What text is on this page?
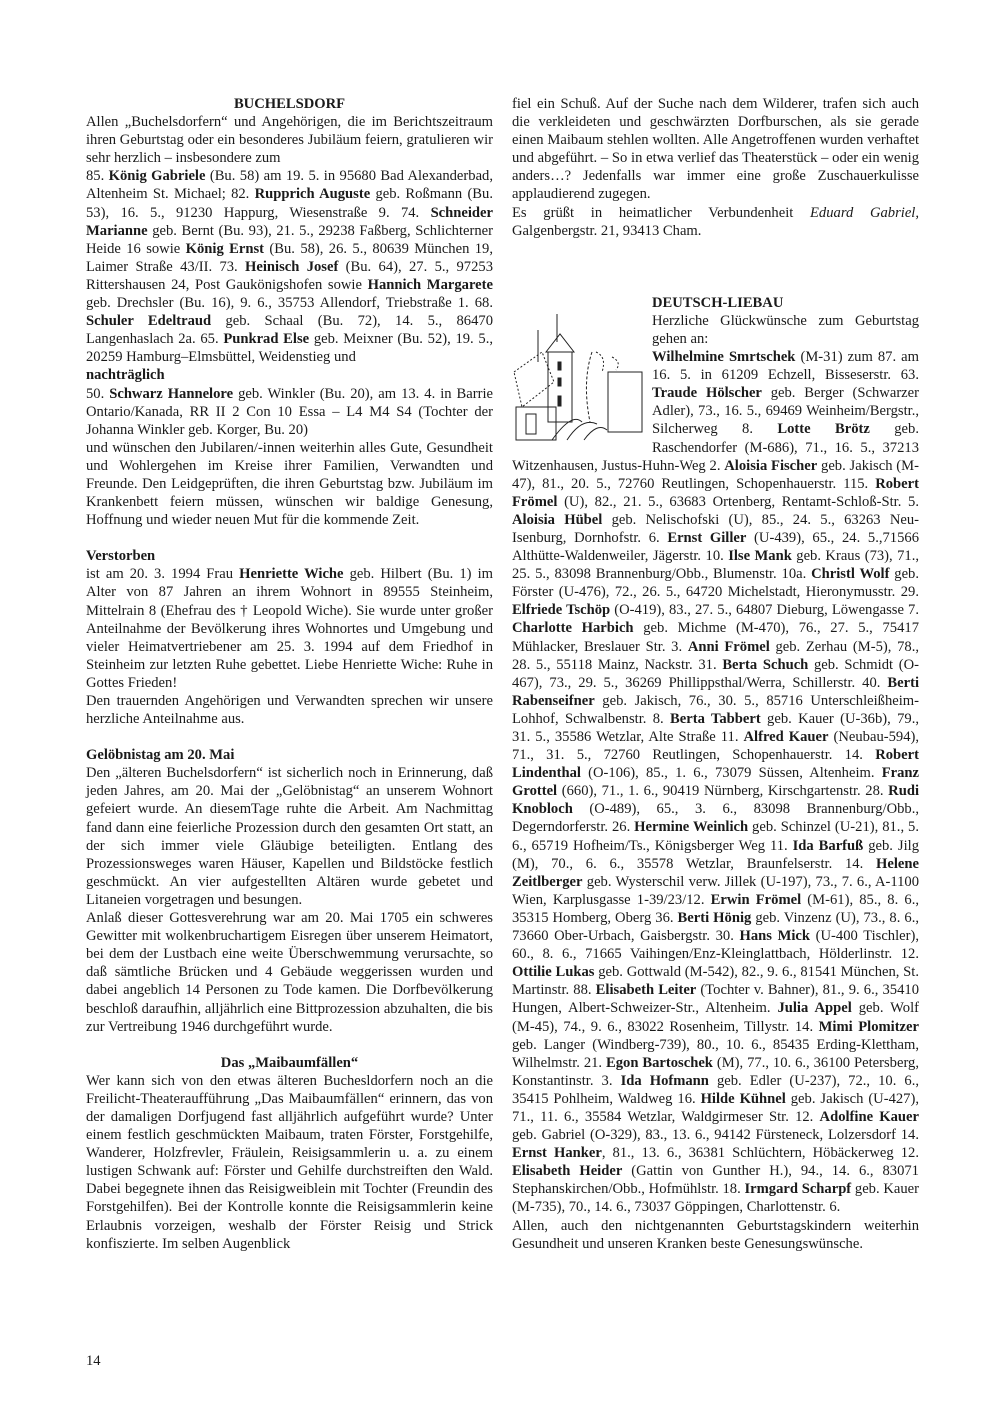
BUCHELSDORF

Allen „Buchelsdorfern“ und Angehörigen, die im Berichtszeitraum ihren Geburtstag oder ein besonderes Jubiläum feiern, gratulieren wir sehr herzlich – insbesondere zum

85. König Gabriele (Bu. 58) am 19. 5. in 95680 Bad Alexanderbad, Altenheim St. Michael; 82. Rupprich Auguste geb. Roßmann (Bu. 53), 16. 5., 91230 Happurg, Wiesenstraße 9. 74. Schneider Marianne geb. Bernt (Bu. 93), 21. 5., 29238 Faßberg, Schlichterner Heide 16 sowie König Ernst (Bu. 58), 26. 5., 80639 München 19, Laimer Straße 43/II. 73. Heinisch Josef (Bu. 64), 27. 5., 97253 Rittershausen 24, Post Gaukönigshofen sowie Hannich Margarete geb. Drechsler (Bu. 16), 9. 6., 35753 Allendorf, Triebstraße 1. 68. Schuler Edeltraud geb. Schaal (Bu. 72), 14. 5., 86470 Langenhaslach 2a. 65. Punkrad Else geb. Meixner (Bu. 52), 19. 5., 20259 Hamburg–Elmsbüttel, Weidenstieg und

nachträglich

50. Schwarz Hannelore geb. Winkler (Bu. 20), am 13. 4. in Barrie Ontario/Kanada, RR II 2 Con 10 Essa – L4 M4 S4 (Tochter der Johanna Winkler geb. Korger, Bu. 20)

und wünschen den Jubilaren/-innen weiterhin alles Gute, Gesundheit und Wohlergehen im Kreise ihrer Familien, Verwandten und Freunde. Den Leidgeprüften, die ihren Geburtstag bzw. Jubiläum im Krankenbett feiern müssen, wünschen wir baldige Genesung, Hoffnung und wieder neuen Mut für die kommende Zeit.

Verstorben

ist am 20. 3. 1994 Frau Henriette Wiche geb. Hilbert (Bu. 1) im Alter von 87 Jahren an ihrem Wohnort in 89555 Steinheim, Mittelrain 8 (Ehefrau des † Leopold Wiche). Sie wurde unter großer Anteilnahme der Bevölkerung ihres Wohnortes und Umgebung und vieler Heimatvertriebener am 25. 3. 1994 auf dem Friedhof in Steinheim zur letzten Ruhe gebettet. Liebe Henriette Wiche: Ruhe in Gottes Frieden!

Den trauernden Angehörigen und Verwandten sprechen wir unsere herzliche Anteilnahme aus.

Gelöbnistag am 20. Mai

Den „älteren Buchelsdorfern“ ist sicherlich noch in Erinnerung, daß jeden Jahres, am 20. Mai der „Gelöbnistag“ an unserem Wohnort gefeiert wurde. An diesemTage ruhte die Arbeit. Am Nachmittag fand dann eine feierliche Prozession durch den gesamten Ort statt, an der sich immer viele Gläubige beteiligten. Entlang des Prozessionsweges waren Häuser, Kapellen und Bildstöcke festlich geschmückt. An vier aufgestellten Altären wurde gebetet und Litaneien vorgetragen und besungen.

Anlaß dieser Gottesverehrung war am 20. Mai 1705 ein schweres Gewitter mit wolkenbruchartigem Eisregen über unserem Heimatort, bei dem der Lustbach eine weite Überschwemmung verursachte, so daß sämtliche Brücken und 4 Gebäude weggerissen wurden und dabei angeblich 14 Personen zu Tode kamen. Die Dorfbevölkerung beschloß daraufhin, alljährlich eine Bittprozession abzuhalten, die bis zur Vertreibung 1946 durchgeführt wurde.

Das „Maibaumfällen“

Wer kann sich von den etwas älteren Buchesldorfern noch an die Freilicht-Theateraufführung „Das Maibaumfällen“ erinnern, das von der damaligen Dorfjugend fast alljährlich aufgeführt wurde? Unter einem festlich geschmückten Maibaum, traten Förster, Forstgehilfe, Wanderer, Holzfrevler, Fräulein, Reisigsammlerin u. a. zu einem lustigen Schwank auf: Förster und Gehilfe durchstreiften den Wald. Dabei begegnete ihnen das Reisigweiblein mit Tochter (Freundin des Forstgehilfen). Bei der Kontrolle konnte die Reisigsammlerin keine Erlaubnis vorzeigen, weshalb der Förster Reisig und Strick konfiszierte. Im selben Augenblick

fiel ein Schuß. Auf der Suche nach dem Wilderer, trafen sich auch die verkleideten und geschwärzten Dorfburschen, als sie gerade einen Maibaum stehlen wollten. Alle Angetroffenen wurden verhaftet und abgeführt. – So in etwa verlief das Theaterstück – oder ein wenig anders…? Jedenfalls war immer eine große Zuschauerkulisse applaudierend zugegen.

Es grüßt in heimatlicher Verbundenheit Eduard Gabriel, Galgenbergstr. 21, 93413 Cham.

DEUTSCH-LIEBAU

Herzliche Glückwünsche zum Geburtstag gehen an:

Wilhelmine Smrtschek (M-31) zum 87. am 16. 5. in 61209 Echzell, Bisseserstr. 63. Traude Hölscher geb. Berger (Schwarzer Adler), 73., 16. 5., 69469 Weinheim/Bergstr., Silcherweg 8. Lotte Brötz geb. Raschendorfer (M-686), 71., 16. 5., 37213 Witzenhausen, Justus-Huhn-Weg 2. Aloisia Fischer geb. Jakisch (M-47), 81., 20. 5., 72760 Reutlingen, Schopenhauerstr. 115. Robert Frömel (U), 82., 21. 5., 63683 Ortenberg, Rentamt-Schloß-Str. 5. Aloisia Hübel geb. Nelischofski (U), 85., 24. 5., 63263 Neu-Isenburg, Dornhofstr. 6. Ernst Giller (U-439), 65., 24. 5.,71566 Althütte-Waldenweiler, Jägerstr. 10. Ilse Mank geb. Kraus (73), 71., 25. 5., 83098 Brannenburg/Obb., Blumenstr. 10a. Christl Wolf geb. Förster (U-476), 72., 26. 5., 64720 Michelstadt, Hieronymusstr. 29. Elfriede Tschöp (O-419), 83., 27. 5., 64807 Dieburg, Löwengasse 7. Charlotte Harbich geb. Michme (M-470), 76., 27. 5., 75417 Mühlacker, Breslauer Str. 3. Anni Frömel geb. Zerhau (M-5), 78., 28. 5., 55118 Mainz, Nackstr. 31. Berta Schuch geb. Schmidt (O-467), 73., 29. 5., 36269 Phillippsthal/Werra, Schillerstr. 40. Berti Rabenseifner geb. Jakisch, 76., 30. 5., 85716 Unterschleißheim-Lohhof, Schwalbenstr. 8. Berta Tabbert geb. Kauer (U-36b), 79., 31. 5., 35586 Wetzlar, Alte Straße 11. Alfred Kauer (Neubau-594), 71., 31. 5., 72760 Reutlingen, Schopenhauerstr. 14. Robert Lindenthal (O-106), 85., 1. 6., 73079 Süssen, Altenheim. Franz Grottel (660), 71., 1. 6., 90419 Nürnberg, Kirschgartenstr. 28. Rudi Knobloch (O-489), 65., 3. 6., 83098 Brannenburg/Obb., Degerndorferstr. 26. Hermine Weinlich geb. Schinzel (U-21), 81., 5. 6., 65719 Hofheim/Ts., Königsberger Weg 11. Ida Barfuß geb. Jilg (M), 70., 6. 6., 35578 Wetzlar, Braunfelserstr. 14. Helene Zeitlberger geb. Wysterschil verw. Jillek (U-197), 73., 7. 6., A-1100 Wien, Karplusgasse 1-39/23/12. Erwin Frömel (M-61), 85., 8. 6., 35315 Homberg, Oberg 36. Berti Hönig geb. Vinzenz (U), 73., 8. 6., 73660 Ober-Urbach, Gaisbergstr. 30. Hans Mick (U-400 Tischler), 60., 8. 6., 71665 Vaihingen/Enz-Kleinglattbach, Hölderlinstr. 12. Ottilie Lukas geb. Gottwald (M-542), 82., 9. 6., 81541 München, St. Martinstr. 88. Elisabeth Leiter (Tochter v. Bahner), 81., 9. 6., 35410 Hungen, Albert-Schweizer-Str., Altenheim. Julia Appel geb. Wolf (M-45), 74., 9. 6., 83022 Rosenheim, Tillystr. 14. Mimi Plomitzer geb. Langer (Windberg-739), 80., 10. 6., 85435 Erding-Klettham, Wilhelmstr. 21. Egon Bartoschek (M), 77., 10. 6., 36100 Petersberg, Konstantinstr. 3. Ida Hofmann geb. Edler (U-237), 72., 10. 6., 35415 Pohlheim, Waldweg 16. Hilde Kühnel geb. Jakisch (U-427), 71., 11. 6., 35584 Wetzlar, Waldgirmeser Str. 12. Adolfine Kauer geb. Gabriel (O-329), 83., 13. 6., 94142 Fürsteneck, Lolzersdorf 14. Ernst Hanker, 81., 13. 6., 36381 Schlüchtern, Höbäckerweg 12. Elisabeth Heider (Gattin von Gunther H.), 94., 14. 6., 83071 Stephanskirchen/Obb., Hofmühlstr. 18. Irmgard Scharpf geb. Kauer (M-735), 70., 14. 6., 73037 Göppingen, Charlottenstr. 6.

Allen, auch den nichtgenannten Geburtstagskindern weiterhin Gesundheit und unseren Kranken beste Genesungswünsche.

14
